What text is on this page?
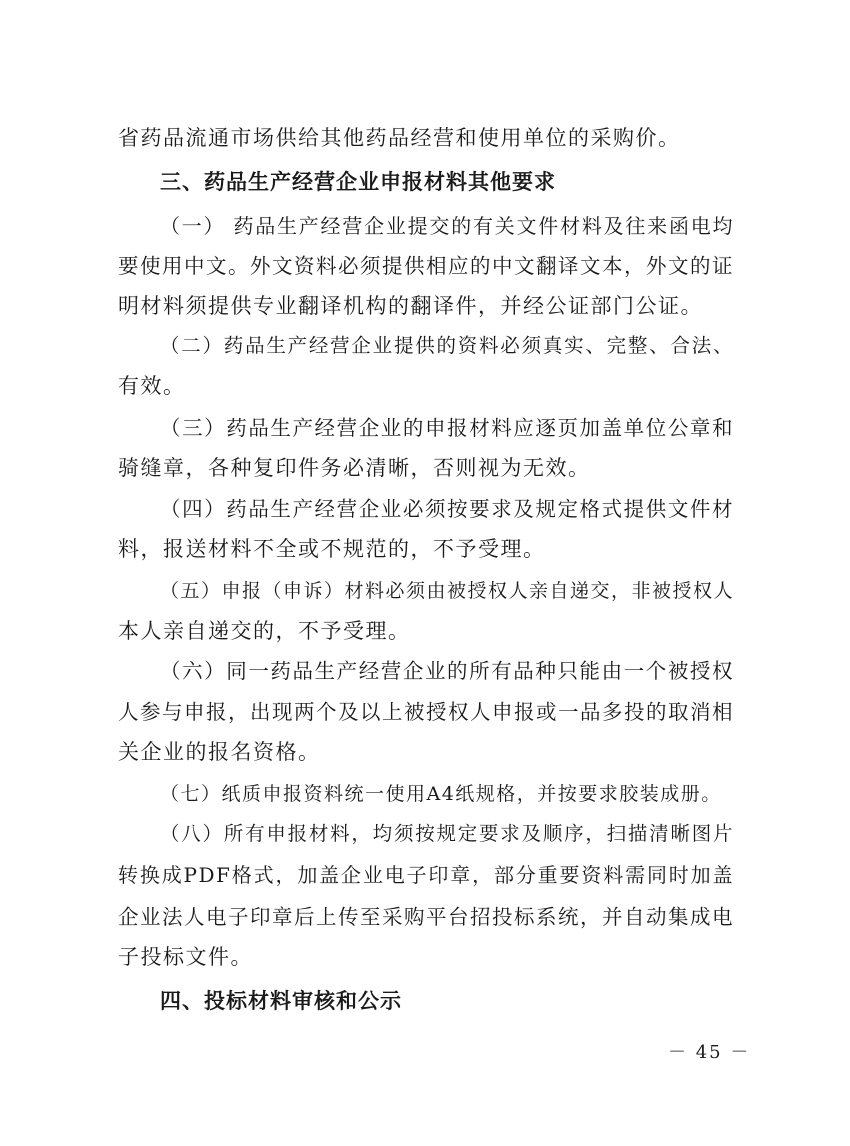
省药品流通市场供给其他药品经营和使用单位的采购价。
三、药品生产经营企业申报材料其他要求
（一） 药品生产经营企业提交的有关文件材料及往来函电均
要使用中文。外文资料必须提供相应的中文翻译文本，外文的证
明材料须提供专业翻译机构的翻译件，并经公证部门公证。
（二）药品生产经营企业提供的资料必须真实、完整、合法、
有效。
（三）药品生产经营企业的申报材料应逐页加盖单位公章和
骑缝章，各种复印件务必清晰，否则视为无效。
（四）药品生产经营企业必须按要求及规定格式提供文件材
料，报送材料不全或不规范的，不予受理。
（五）申报（申诉）材料必须由被授权人亲自递交，非被授权人
本人亲自递交的，不予受理。
（六）同一药品生产经营企业的所有品种只能由一个被授权
人参与申报，出现两个及以上被授权人申报或一品多投的取消相
关企业的报名资格。
（七）纸质申报资料统一使用A4纸规格，并按要求胶装成册。
（八）所有申报材料，均须按规定要求及顺序，扫描清晰图片
转换成PDF格式，加盖企业电子印章，部分重要资料需同时加盖
企业法人电子印章后上传至采购平台招投标系统，并自动集成电
子投标文件。
四、投标材料审核和公示
－ 45 －
